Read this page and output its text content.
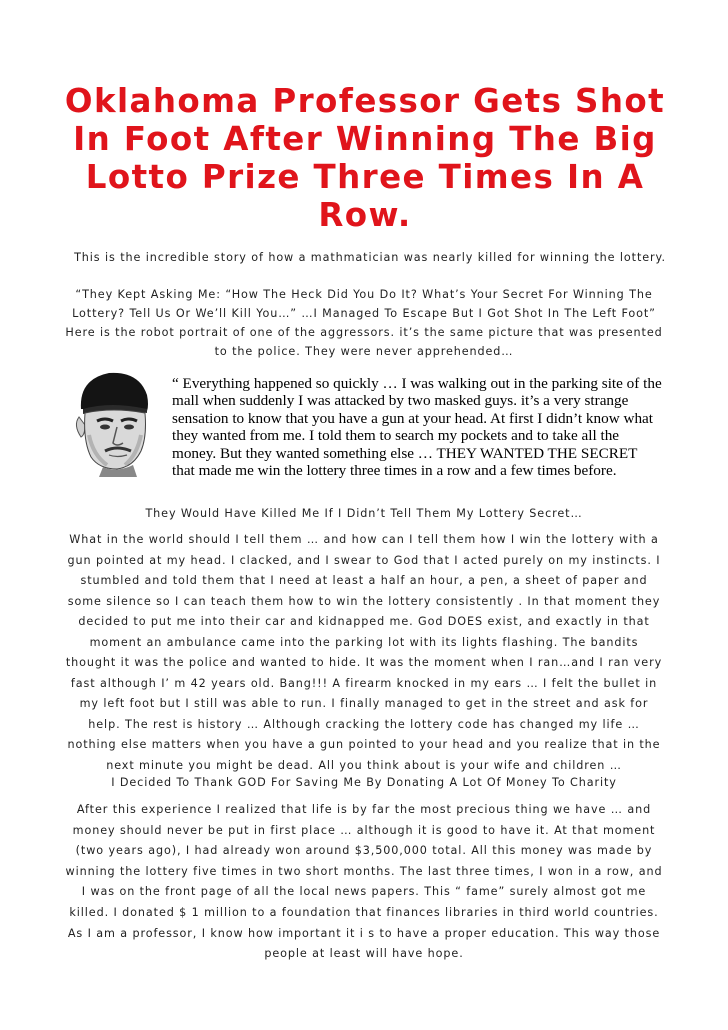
Oklahoma Professor Gets Shot In Foot After Winning The Big Lotto Prize Three Times In A Row.
This is the incredible story of how a mathmatician was nearly killed for winning the lottery.
“They Kept Asking Me: “How The Heck Did You Do It? What’s Your Secret For Winning The Lottery? Tell Us Or We’ll Kill You…” …I Managed To Escape But I Got Shot In The Left Foot” Here is the robot portrait of one of the aggressors. it’s the same picture that was presented to the police. They were never apprehended…
“ Everything happened so quickly … I was walking out in the parking site of the mall when suddenly I was attacked by two masked guys. it’s a very strange sensation to know that you have a gun at your head. At first I didn’t know what they wanted from me. I told them to search my pockets and to take all the money. But they wanted something else … THEY WANTED THE SECRET that made me win the lottery three times in a row and a few times before.
They Would Have Killed Me If I Didn’t Tell Them My Lottery Secret…
What in the world should I tell them … and how can I tell them how I win the lottery with a gun pointed at my head. I clacked, and I swear to God that I acted purely on my instincts. I stumbled and told them that I need at least a half an hour, a pen, a sheet of paper and some silence so I can teach them how to win the lottery consistently . In that moment they decided to put me into their car and kidnapped me. God DOES exist, and exactly in that moment an ambulance came into the parking lot with its lights flashing. The bandits thought it was the police and wanted to hide. It was the moment when I ran…and I ran very fast although I’ m 42 years old. Bang!!! A firearm knocked in my ears … I felt the bullet in my left foot but I still was able to run. I finally managed to get in the street and ask for help. The rest is history … Although cracking the lottery code has changed my life … nothing else matters when you have a gun pointed to your head and you realize that in the next minute you might be dead. All you think about is your wife and children …
I Decided To Thank GOD For Saving Me By Donating A Lot Of Money To Charity
After this experience I realized that life is by far the most precious thing we have … and money should never be put in first place … although it is good to have it. At that moment (two years ago), I had already won around $3,500,000 total. All this money was made by winning the lottery five times in two short months. The last three times, I won in a row, and I was on the front page of all the local news papers. This “ fame” surely almost got me killed. I donated $ 1 million to a foundation that finances libraries in third world countries. As I am a professor, I know how important it i s to have a proper education. This way those people at least will have hope.
